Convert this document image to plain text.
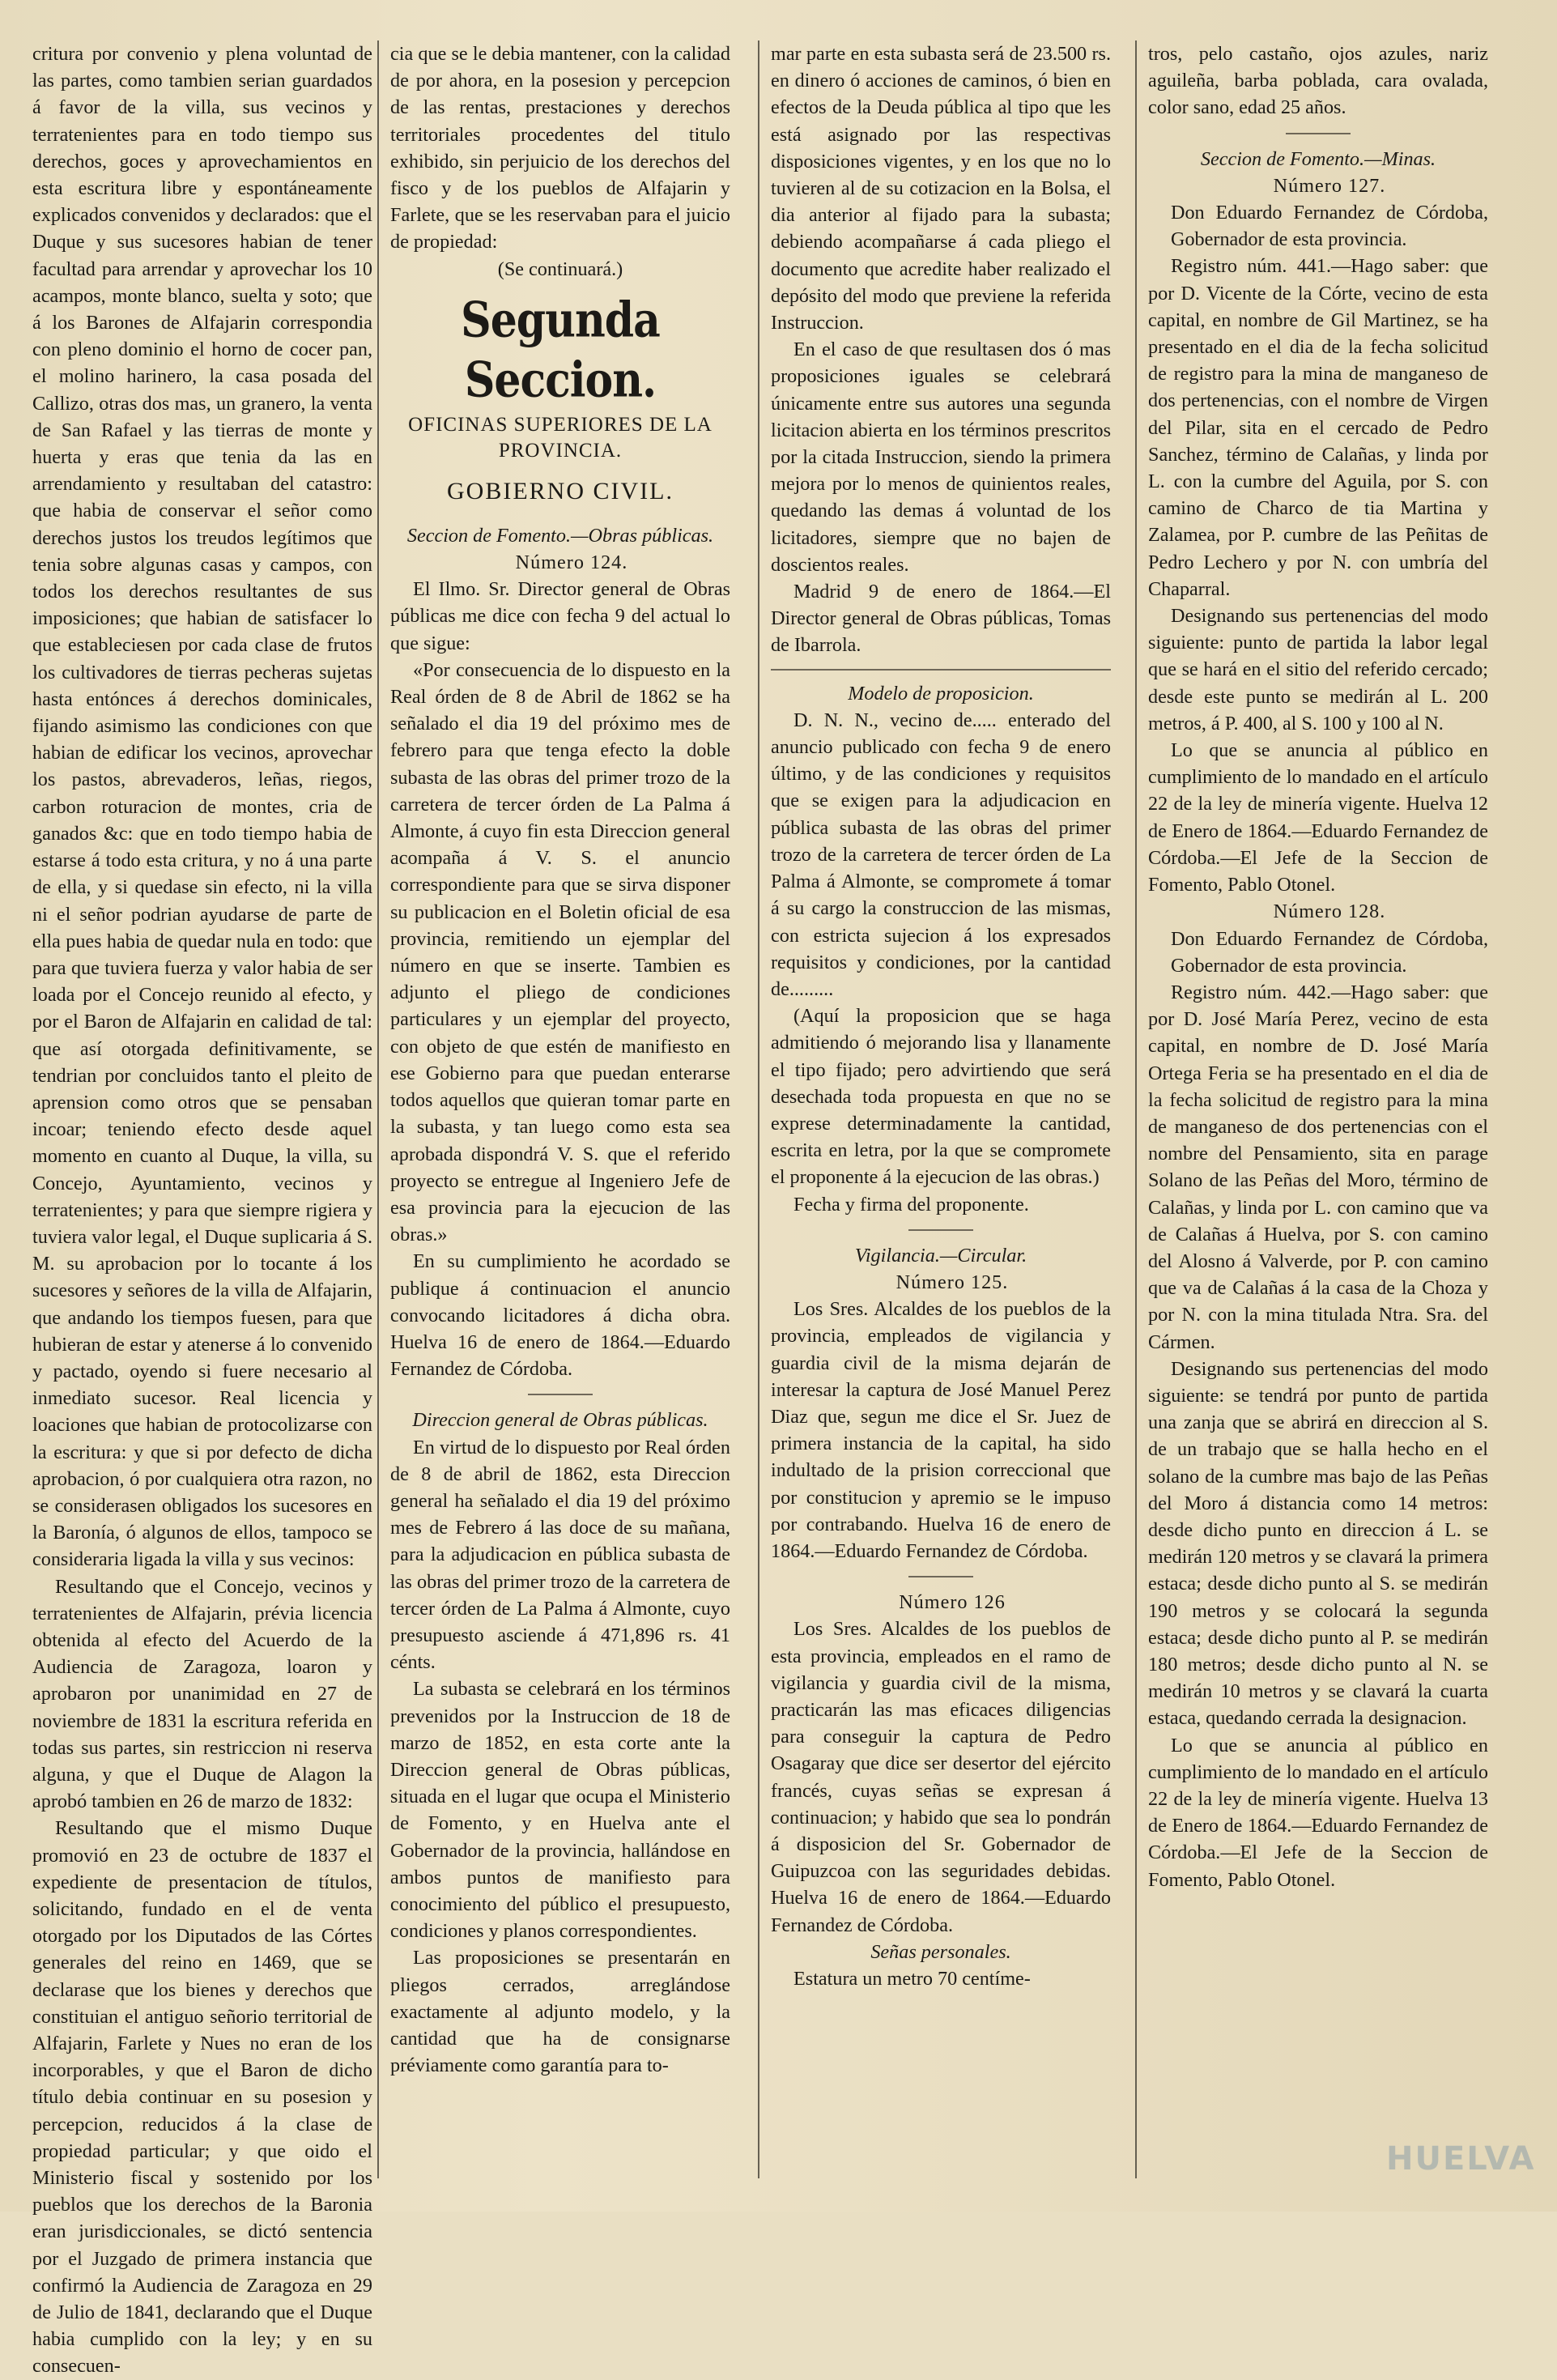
critura por convenio y plena voluntad de las partes, como tambien serian guardados á favor de la villa, sus vecinos y terratenientes para en todo tiempo sus derechos, goces y aprovechamientos en esta escritura libre y espontáneamente explicados convenidos y declarados: que el Duque y sus sucesores habian de tener facultad para arrendar y aprovechar los 10 acampos, monte blanco, suelta y soto; que á los Barones de Alfajarin correspondia con pleno dominio el horno de cocer pan, el molino harinero, la casa posada del Callizo, otras dos mas, un granero, la venta de San Rafael y las tierras de monte y huerta y eras que tenia da las en arrendamiento y resultaban del catastro: que habia de conservar el señor como derechos justos los treudos legítimos que tenia sobre algunas casas y campos, con todos los derechos resultantes de sus imposiciones; que habian de satisfacer lo que estableciesen por cada clase de frutos los cultivadores de tierras pecheras sujetas hasta entónces á derechos dominicales, fijando asimismo las condiciones con que habian de edificar los vecinos, aprovechar los pastos, abrevaderos, leñas, riegos, carbon roturacion de montes, cria de ganados &c: que en todo tiempo habia de estarse á todo esta critura, y no á una parte de ella, y si quedase sin efecto, ni la villa ni el señor podrian ayudarse de parte de ella pues habia de quedar nula en todo: que para que tuviera fuerza y valor habia de ser loada por el Concejo reunido al efecto, y por el Baron de Alfajarin en calidad de tal: que así otorgada definitivamente, se tendrian por concluidos tanto el pleito de aprension como otros que se pensaban incoar; teniendo efecto desde aquel momento en cuanto al Duque, la villa, su Concejo, Ayuntamiento, vecinos y terratenientes; y para que siempre rigiera y tuviera valor legal, el Duque suplicaria á S. M. su aprobacion por lo tocante á los sucesores y señores de la villa de Alfajarin, que andando los tiempos fuesen, para que hubieran de estar y atenerse á lo convenido y pactado, oyendo si fuere necesario al inmediato sucesor. Real licencia y loaciones que habian de protocolizarse con la escritura: y que si por defecto de dicha aprobacion, ó por cualquiera otra razon, no se considerasen obligados los sucesores en la Baronía, ó algunos de ellos, tampoco se consideraria ligada la villa y sus vecinos:

Resultando que el Concejo, vecinos y terratenientes de Alfajarin, prévia licencia obtenida al efecto del Acuerdo de la Audiencia de Zaragoza, loaron y aprobaron por unanimidad en 27 de noviembre de 1831 la escritura referida en todas sus partes, sin restriccion ni reserva alguna, y que el Duque de Alagon la aprobó tambien en 26 de marzo de 1832:

Resultando que el mismo Duque promovió en 23 de octubre de 1837 el expediente de presentacion de títulos, solicitando, fundado en el de venta otorgado por los Diputados de las Córtes generales del reino en 1469, que se declarase que los bienes y derechos que constituian el antiguo señorio territorial de Alfajarin, Farlete y Nues no eran de los incorporables, y que el Baron de dicho título debia continuar en su posesion y percepcion, reducidos á la clase de propiedad particular; y que oido el Ministerio fiscal y sostenido por los pueblos que los derechos de la Baronia eran jurisdiccionales, se dictó sentencia por el Juzgado de primera instancia que confirmó la Audiencia de Zaragoza en 29 de Julio de 1841, declarando que el Duque habia cumplido con la ley; y en su consecuen-

cia que se le debia mantener, con la calidad de por ahora, en la posesion y percepcion de las rentas, prestaciones y derechos territoriales procedentes del titulo exhibido, sin perjuicio de los derechos del fisco y de los pueblos de Alfajarin y Farlete, que se les reservaban para el juicio de propiedad:

(Se continuará.)

Segunda Seccion.
OFICINAS SUPERIORES DE LA PROVINCIA.
GOBIERNO CIVIL.

Seccion de Fomento.—Obras públicas.

Número 124.

El Ilmo. Sr. Director general de Obras públicas me dice con fecha 9 del actual lo que sigue:

«Por consecuencia de lo dispuesto en la Real órden de 8 de Abril de 1862 se ha señalado el dia 19 del próximo mes de febrero para que tenga efecto la doble subasta de las obras del primer trozo de la carretera de tercer órden de La Palma á Almonte, á cuyo fin esta Direccion general acompaña á V. S. el anuncio correspondiente para que se sirva disponer su publicacion en el Boletin oficial de esa provincia, remitiendo un ejemplar del número en que se inserte. Tambien es adjunto el pliego de condiciones particulares y un ejemplar del proyecto, con objeto de que estén de manifiesto en ese Gobierno para que puedan enterarse todos aquellos que quieran tomar parte en la subasta, y tan luego como esta sea aprobada dispondrá V. S. que el referido proyecto se entregue al Ingeniero Jefe de esa provincia para la ejecucion de las obras.»

En su cumplimiento he acordado se publique á continuacion el anuncio convocando licitadores á dicha obra. Huelva 16 de enero de 1864.—Eduardo Fernandez de Córdoba.

Direccion general de Obras públicas.

En virtud de lo dispuesto por Real órden de 8 de abril de 1862, esta Direccion general ha señalado el dia 19 del próximo mes de Febrero á las doce de su mañana, para la adjudicacion en pública subasta de las obras del primer trozo de la carretera de tercer órden de La Palma á Almonte, cuyo presupuesto asciende á 471,896 rs. 41 cénts.

La subasta se celebrará en los términos prevenidos por la Instruccion de 18 de marzo de 1852, en esta corte ante la Direccion general de Obras públicas, situada en el lugar que ocupa el Ministerio de Fomento, y en Huelva ante el Gobernador de la provincia, hallándose en ambos puntos de manifiesto para conocimiento del público el presupuesto, condiciones y planos correspondientes.

Las proposiciones se presentarán en pliegos cerrados, arreglándose exactamente al adjunto modelo, y la cantidad que ha de consignarse préviamente como garantía para to-

mar parte en esta subasta será de 23.500 rs. en dinero ó acciones de caminos, ó bien en efectos de la Deuda pública al tipo que les está asignado por las respectivas disposiciones vigentes, y en los que no lo tuvieren al de su cotizacion en la Bolsa, el dia anterior al fijado para la subasta; debiendo acompañarse á cada pliego el documento que acredite haber realizado el depósito del modo que previene la referida Instruccion.

En el caso de que resultasen dos ó mas proposiciones iguales se celebrará únicamente entre sus autores una segunda licitacion abierta en los términos prescritos por la citada Instruccion, siendo la primera mejora por lo menos de quinientos reales, quedando las demas á voluntad de los licitadores, siempre que no bajen de doscientos reales.

Madrid 9 de enero de 1864.—El Director general de Obras públicas, Tomas de Ibarrola.

Modelo de proposicion.

D. N. N., vecino de..... enterado del anuncio publicado con fecha 9 de enero último, y de las condiciones y requisitos que se exigen para la adjudicacion en pública subasta de las obras del primer trozo de la carretera de tercer órden de La Palma á Almonte, se compromete á tomar á su cargo la construccion de las mismas, con estricta sujecion á los expresados requisitos y condiciones, por la cantidad de.........

(Aquí la proposicion que se haga admitiendo ó mejorando lisa y llanamente el tipo fijado; pero advirtiendo que será desechada toda propuesta en que no se exprese determinadamente la cantidad, escrita en letra, por la que se compromete el proponente á la ejecucion de las obras.)

Fecha y firma del proponente.

Vigilancia.—Circular.

Número 125.

Los Sres. Alcaldes de los pueblos de la provincia, empleados de vigilancia y guardia civil de la misma dejarán de interesar la captura de José Manuel Perez Diaz que, segun me dice el Sr. Juez de primera instancia de la capital, ha sido indultado de la prision correccional que por constitucion y apremio se le impuso por contrabando. Huelva 16 de enero de 1864.—Eduardo Fernandez de Córdoba.

Número 126

Los Sres. Alcaldes de los pueblos de esta provincia, empleados en el ramo de vigilancia y guardia civil de la misma, practicarán las mas eficaces diligencias para conseguir la captura de Pedro Osagaray que dice ser desertor del ejército francés, cuyas señas se expresan á continuacion; y habido que sea lo pondrán á disposicion del Sr. Gobernador de Guipuzcoa con las seguridades debidas. Huelva 16 de enero de 1864.—Eduardo Fernandez de Córdoba.

Señas personales.

Estatura un metro 70 centíme-

tros, pelo castaño, ojos azules, nariz aguileña, barba poblada, cara ovalada, color sano, edad 25 años.

Seccion de Fomento.—Minas.

Número 127.

Don Eduardo Fernandez de Córdoba, Gobernador de esta provincia.

Registro núm. 441.—Hago saber: que por D. Vicente de la Córte, vecino de esta capital, en nombre de Gil Martinez, se ha presentado en el dia de la fecha solicitud de registro para la mina de manganeso de dos pertenencias, con el nombre de Virgen del Pilar, sita en el cercado de Pedro Sanchez, término de Calañas, y linda por L. con la cumbre del Aguila, por S. con camino de Charco de tia Martina y Zalamea, por P. cumbre de las Peñitas de Pedro Lechero y por N. con umbría del Chaparral.

Designando sus pertenencias del modo siguiente: punto de partida la labor legal que se hará en el sitio del referido cercado; desde este punto se medirán al L. 200 metros, á P. 400, al S. 100 y 100 al N.

Lo que se anuncia al público en cumplimiento de lo mandado en el artículo 22 de la ley de minería vigente. Huelva 12 de Enero de 1864.—Eduardo Fernandez de Córdoba.—El Jefe de la Seccion de Fomento, Pablo Otonel.

Número 128.

Don Eduardo Fernandez de Córdoba, Gobernador de esta provincia.

Registro núm. 442.—Hago saber: que por D. José María Perez, vecino de esta capital, en nombre de D. José María Ortega Feria se ha presentado en el dia de la fecha solicitud de registro para la mina de manganeso de dos pertenencias con el nombre del Pensamiento, sita en parage Solano de las Peñas del Moro, término de Calañas, y linda por L. con camino que va de Calañas á Huelva, por S. con camino del Alosno á Valverde, por P. con camino que va de Calañas á la casa de la Choza y por N. con la mina titulada Ntra. Sra. del Cármen.

Designando sus pertenencias del modo siguiente: se tendrá por punto de partida una zanja que se abrirá en direccion al S. de un trabajo que se halla hecho en el solano de la cumbre mas bajo de las Peñas del Moro á distancia como 14 metros: desde dicho punto en direccion á L. se medirán 120 metros y se clavará la primera estaca; desde dicho punto al S. se medirán 190 metros y se colocará la segunda estaca; desde dicho punto al P. se medirán 180 metros; desde dicho punto al N. se medirán 10 metros y se clavará la cuarta estaca, quedando cerrada la designacion.

Lo que se anuncia al público en cumplimiento de lo mandado en el artículo 22 de la ley de minería vigente. Huelva 13 de Enero de 1864.—Eduardo Fernandez de Córdoba.—El Jefe de la Seccion de Fomento, Pablo Otonel.

HUELVA
